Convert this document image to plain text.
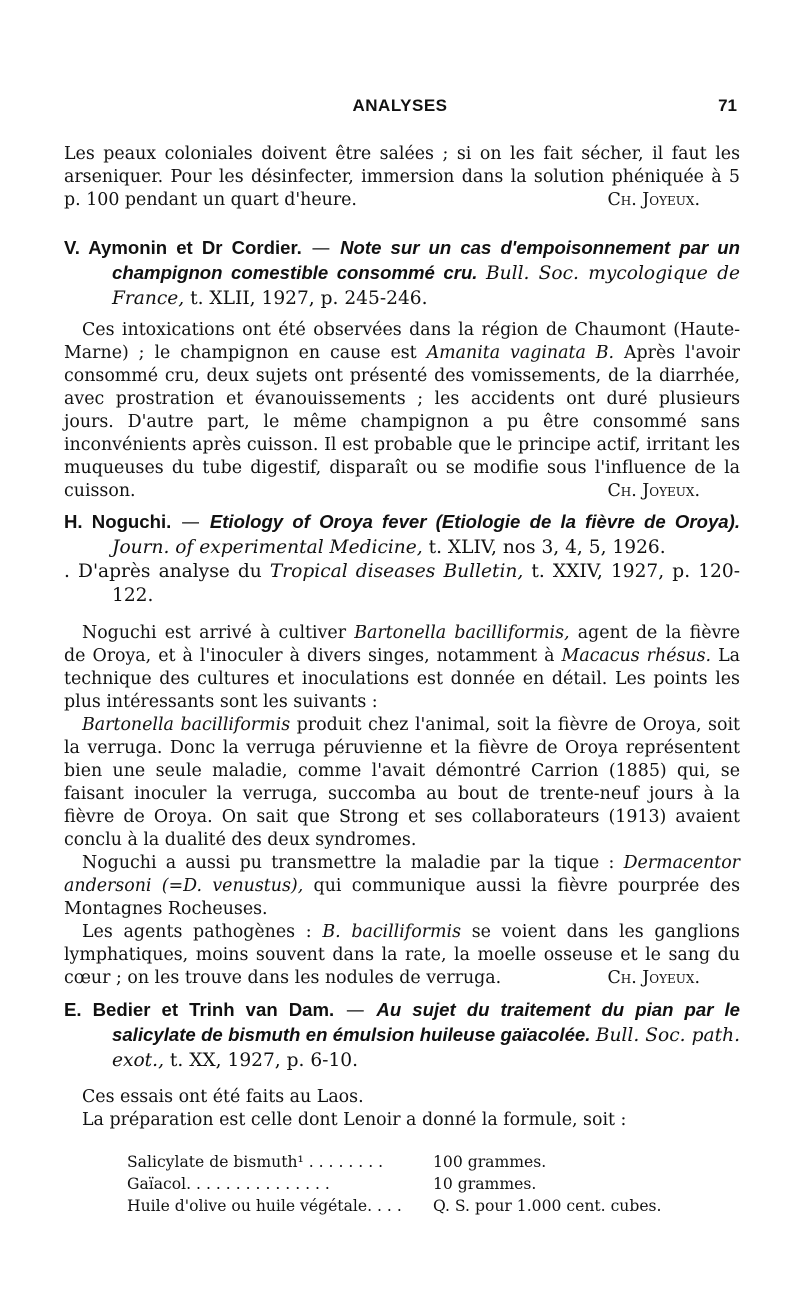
ANALYSES	71

Les peaux coloniales doivent être salées ; si on les fait sécher, il faut les arseniquer. Pour les désinfecter, immersion dans la solution phéniquée à 5 p. 100 pendant un quart d'heure.	Ch. Joyeux.

V. Aymonin et Dr Cordier. — Note sur un cas d'empoisonnement par un champignon comestible consommé cru. Bull. Soc. mycologique de France, t. XLII, 1927, p. 245-246.

Ces intoxications ont été observées dans la région de Chaumont (Haute-Marne) ; le champignon en cause est Amanita vaginata B. Après l'avoir consommé cru, deux sujets ont présenté des vomissements, de la diarrhée, avec prostration et évanouissements ; les accidents ont duré plusieurs jours. D'autre part, le même champignon a pu être consommé sans inconvénients après cuisson. Il est probable que le principe actif, irritant les muqueuses du tube digestif, disparaît ou se modifie sous l'influence de la cuisson.	Ch. Joyeux.

H. Noguchi. — Etiology of Oroya fever (Etiologie de la fièvre de Oroya). Journ. of experimental Medicine, t. XLIV, nos 3, 4, 5, 1926.
. D'après analyse du Tropical diseases Bulletin, t. XXIV, 1927, p. 120-122.

Noguchi est arrivé à cultiver Bartonella bacilliformis, agent de la fièvre de Oroya, et à l'inoculer à divers singes, notamment à Macacus rhésus. La technique des cultures et inoculations est donnée en détail. Les points les plus intéressants sont les suivants :

Bartonella bacilliformis produit chez l'animal, soit la fièvre de Oroya, soit la verruga. Donc la verruga péruvienne et la fièvre de Oroya représentent bien une seule maladie, comme l'avait démontré Carrion (1885) qui, se faisant inoculer la verruga, succomba au bout de trente-neuf jours à la fièvre de Oroya. On sait que Strong et ses collaborateurs (1913) avaient conclu à la dualité des deux syndromes.

Noguchi a aussi pu transmettre la maladie par la tique : Dermacentor andersoni (=D. venustus), qui communique aussi la fièvre pourprée des Montagnes Rocheuses.

Les agents pathogènes : B. bacilliformis se voient dans les ganglions lymphatiques, moins souvent dans la rate, la moelle osseuse et le sang du cœur ; on les trouve dans les nodules de verruga.	Ch. Joyeux.

E. Bedier et Trinh van Dam. — Au sujet du traitement du pian par le salicylate de bismuth en émulsion huileuse gaïacolée. Bull. Soc. path. exot., t. XX, 1927, p. 6-10.

Ces essais ont été faits au Laos.

La préparation est celle dont Lenoir a donné la formule, soit :

Salicylate de bismuth¹ . . . . . . . .	100 grammes.
Gaïacol. . . . . . . . . . . . . . .	10 grammes.
Huile d'olive ou huile végétale. . . .	Q. S. pour 1.000 cent. cubes.
